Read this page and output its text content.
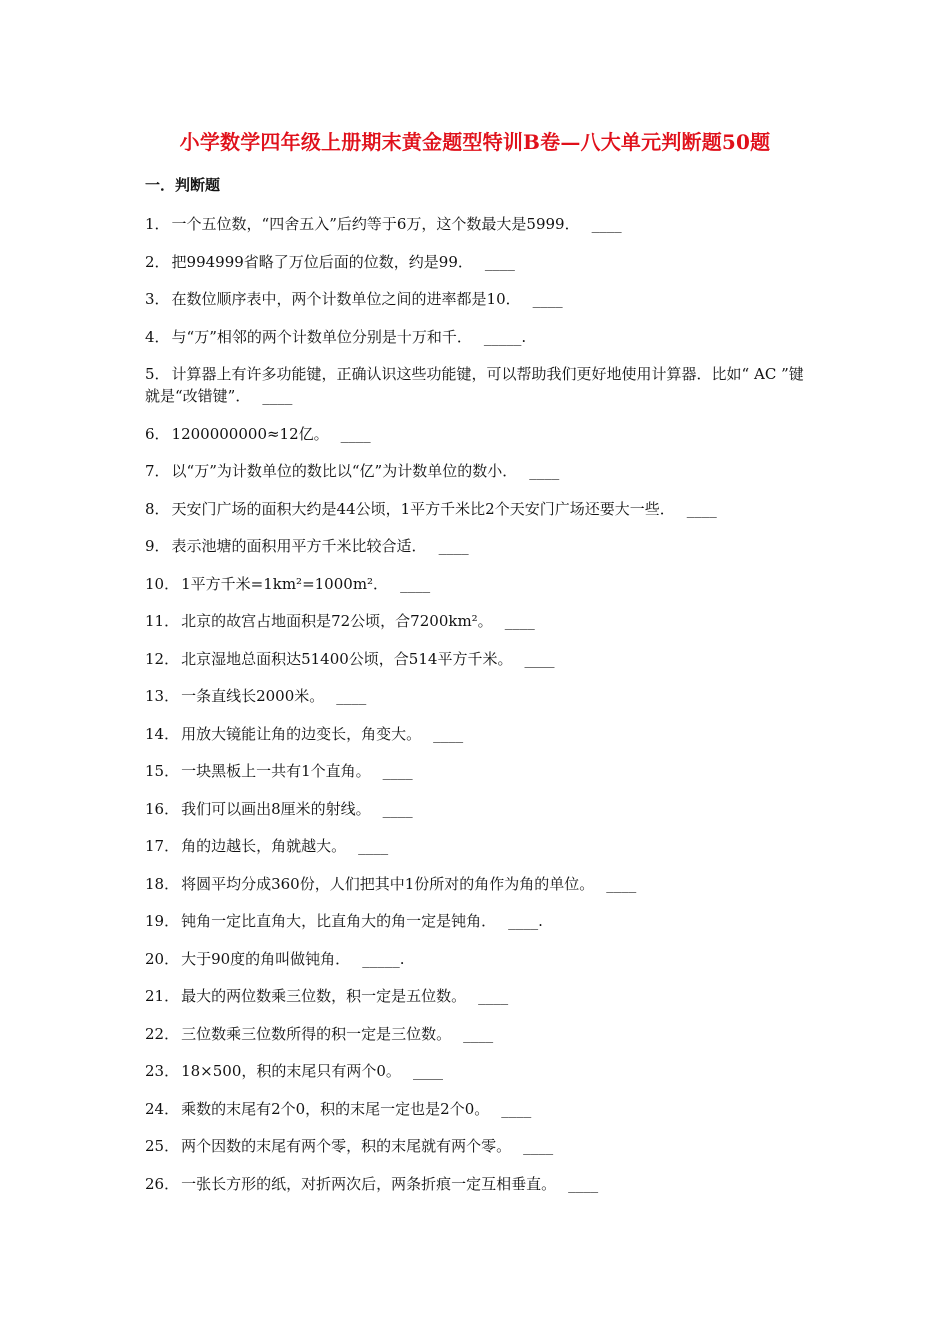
小学数学四年级上册期末黄金题型特训B卷—八大单元判断题50题
一．判断题
1． 一个五位数，“四舍五入”后约等于6万，这个数最大是5999． ____
2． 把994999省略了万位后面的位数，约是99． ____
3． 在数位顺序表中，两个计数单位之间的进率都是10． ____
4． 与“万”相邻的两个计数单位分别是十万和千． _____.
5． 计算器上有许多功能键，正确认识这些功能键，可以帮助我们更好地使用计算器．比如“ AC ”键就是“改错键”． ____
6． 1200000000≈12亿。 ____
7． 以“万”为计数单位的数比以“亿”为计数单位的数小． ____
8． 天安门广场的面积大约是44公顷，1平方千米比2个天安门广场还要大一些． ____
9． 表示池塘的面积用平方千米比较合适． ____
10． 1平方千米=1km²=1000m²． ____
11． 北京的故宫占地面积是72公顷，合7200km²。 ____
12． 北京湿地总面积达51400公顷，合514平方千米。 ____
13． 一条直线长2000米。 ____
14． 用放大镜能让角的边变长，角变大。 ____
15． 一块黑板上一共有1个直角。 ____
16． 我们可以画出8厘米的射线。 ____
17． 角的边越长，角就越大。 ____
18． 将圆平均分成360份，人们把其中1份所对的角作为角的单位。 ____
19． 钝角一定比直角大，比直角大的角一定是钝角． ____.
20． 大于90度的角叫做钝角． _____.
21． 最大的两位数乘三位数，积一定是五位数。 ____
22． 三位数乘三位数所得的积一定是三位数。 ____
23． 18×500，积的末尾只有两个0。 ____
24． 乘数的末尾有2个0，积的末尾一定也是2个0。 ____
25． 两个因数的末尾有两个零，积的末尾就有两个零。 ____
26． 一张长方形的纸，对折两次后，两条折痕一定互相垂直。 ____
